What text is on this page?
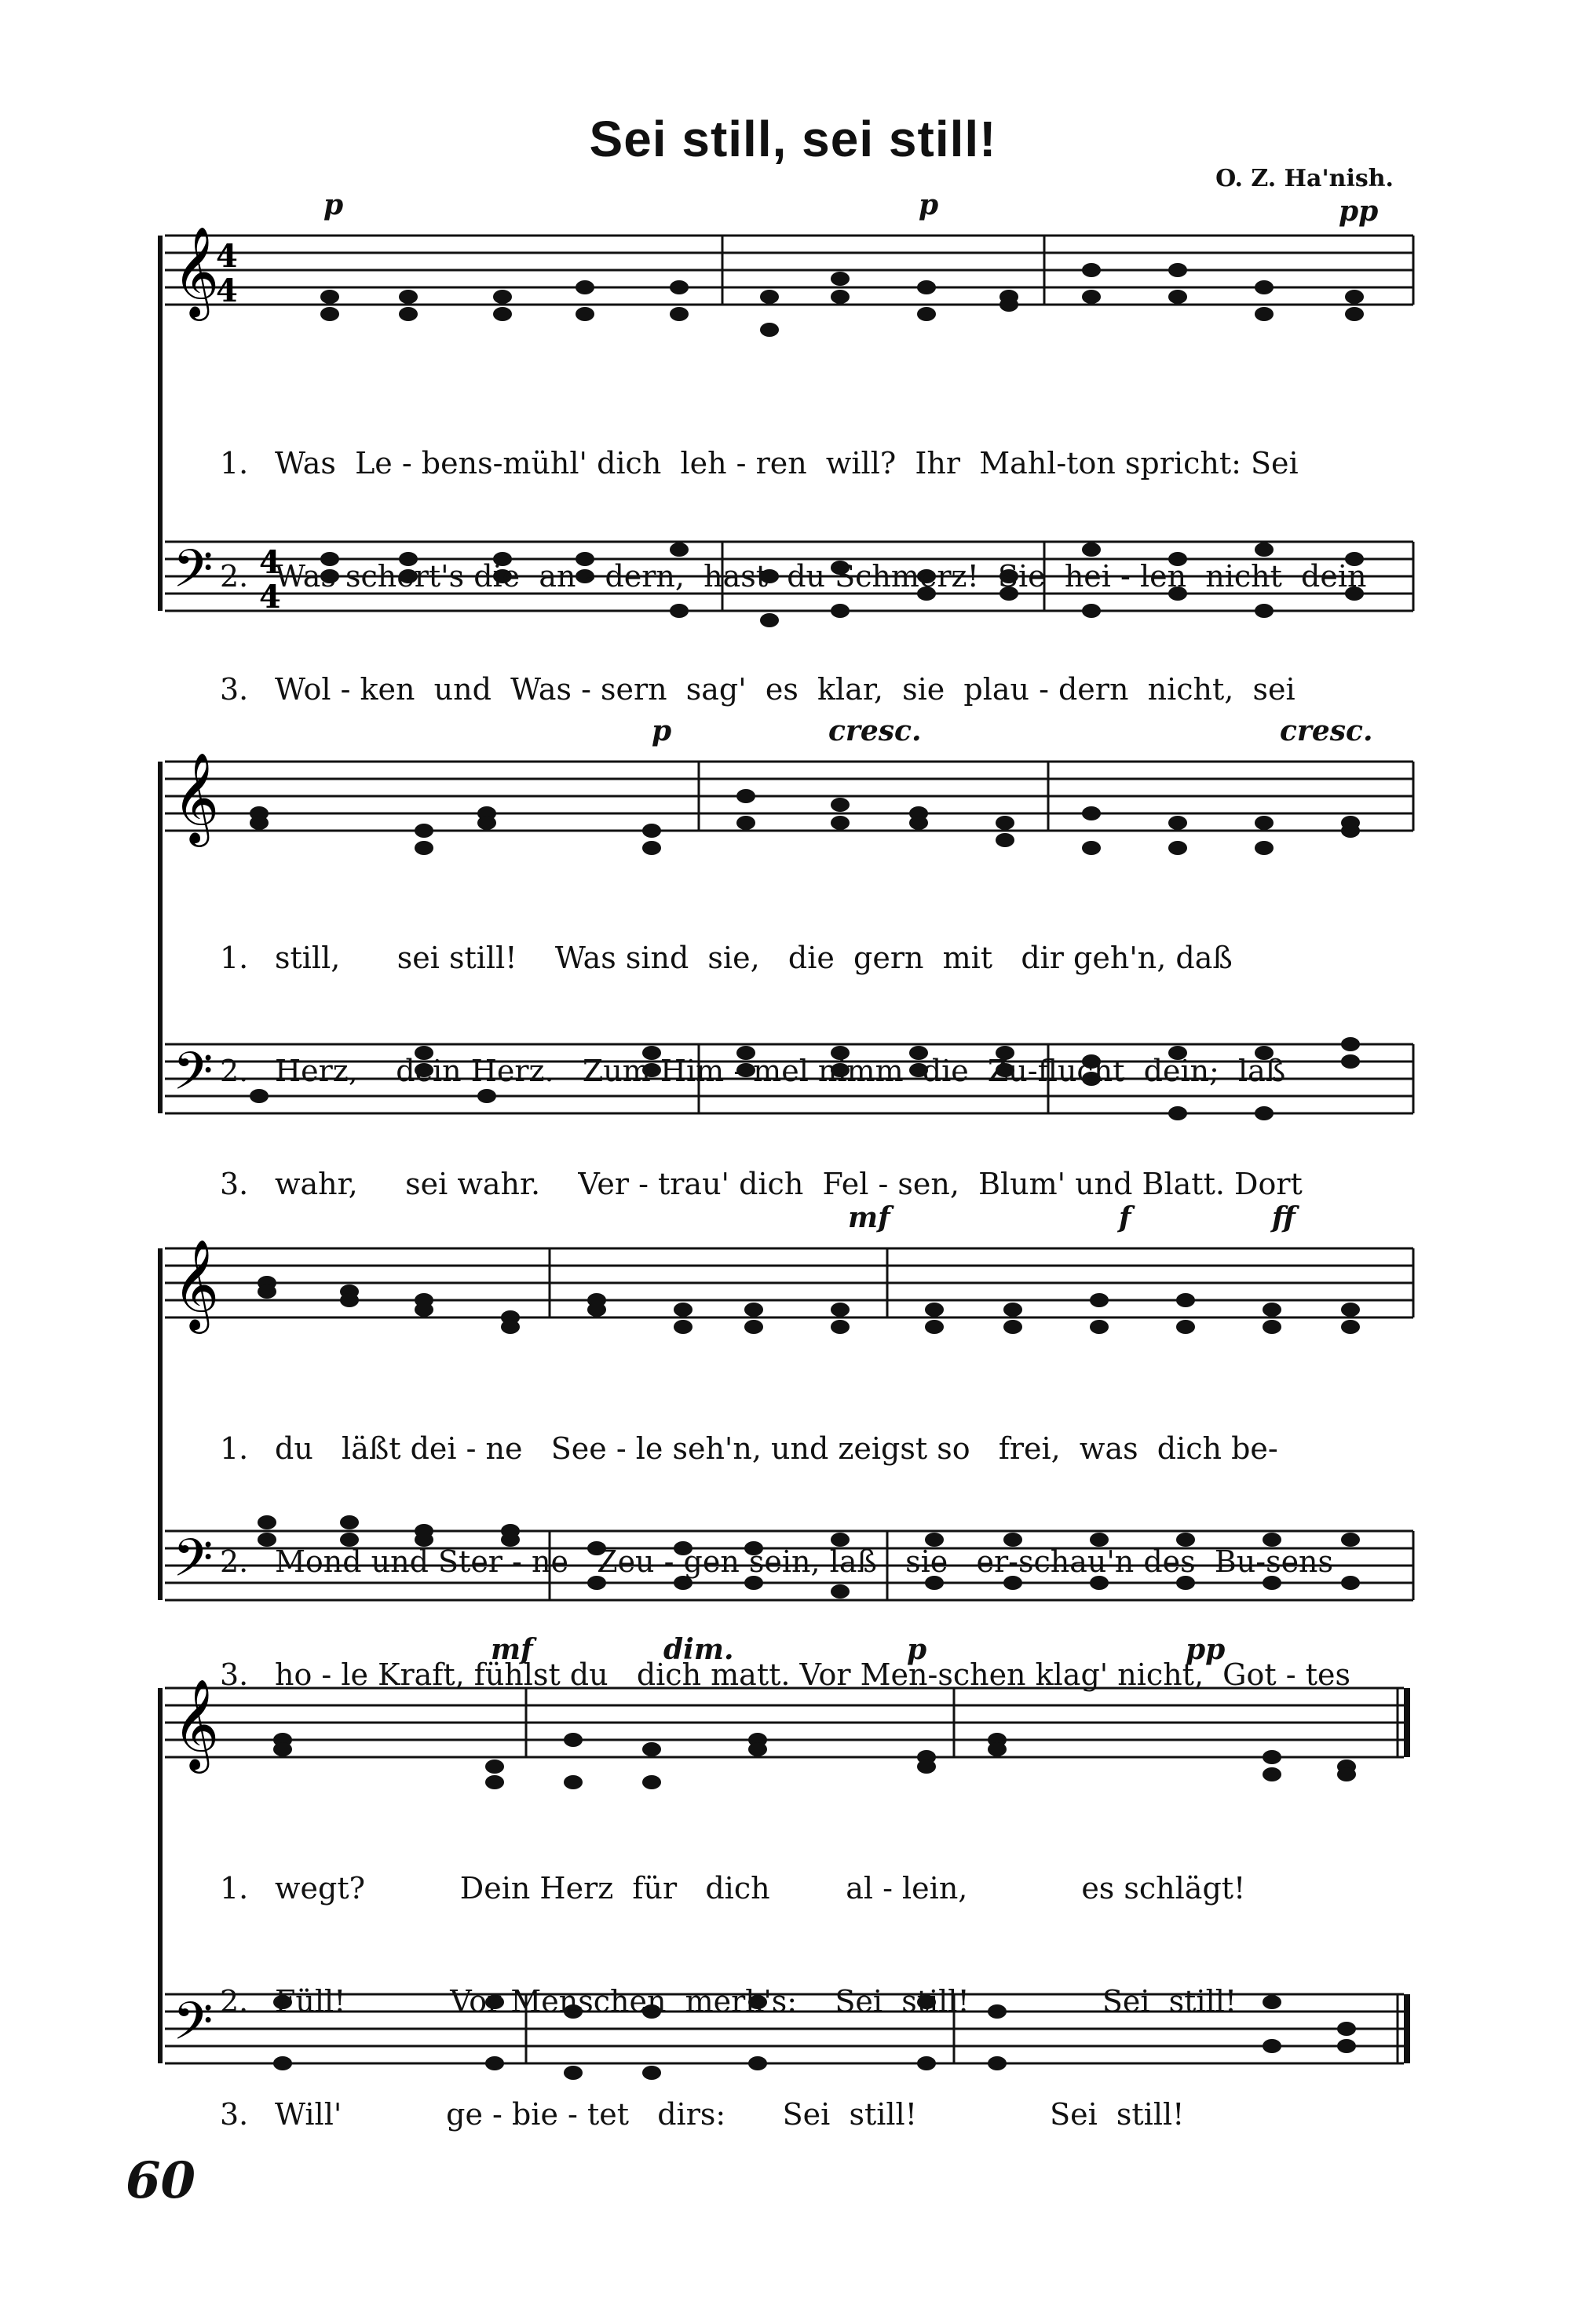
Sei still, sei still!
O. Z. Ha'nish.
𝄞
4
4
𝄢 4
4
p	p	pp

1. Was  Le - bens-mühl' dich  leh - ren  will?  Ihr  Mahl-ton spricht: Sei

2. Was schert's die  an - dern,  hast  du Schmerz!  Sie  hei - len  nicht  dein

3. Wol - ken  und  Was - sern  sag'  es  klar,  sie  plau - dern  nicht,  sei

𝄞
𝄢
p	cresc.	cresc.

1. still,      sei still!    Was sind  sie,   die  gern  mit   dir geh'n, daß

2. Herz,    dein Herz.   Zum Him - mel nimm  die  Zu-flucht  dein;  laß

3. wahr,     sei wahr.    Ver - trau' dich  Fel - sen,  Blum' und Blatt. Dort

𝄞
𝄢
mf	f	ff

1. du   läßt dei - ne   See - le seh'n, und zeigst so   frei,  was  dich be-

2. Mond und Ster - ne   Zeu - gen sein, laß   sie   er-schau'n des  Bu-sens

3. ho - le Kraft, fühlst du   dich matt. Vor Men-schen klag' nicht,  Got - tes

𝄞
𝄢
mf	dim.	p	pp

1. wegt?          Dein Herz  für   dich        al - lein,            es schlägt!

2. Füll!           Vor Menschen  merk's:    Sei  still!              Sei  still!

3. Will'           ge - bie - tet   dirs:      Sei  still!              Sei  still!

60
